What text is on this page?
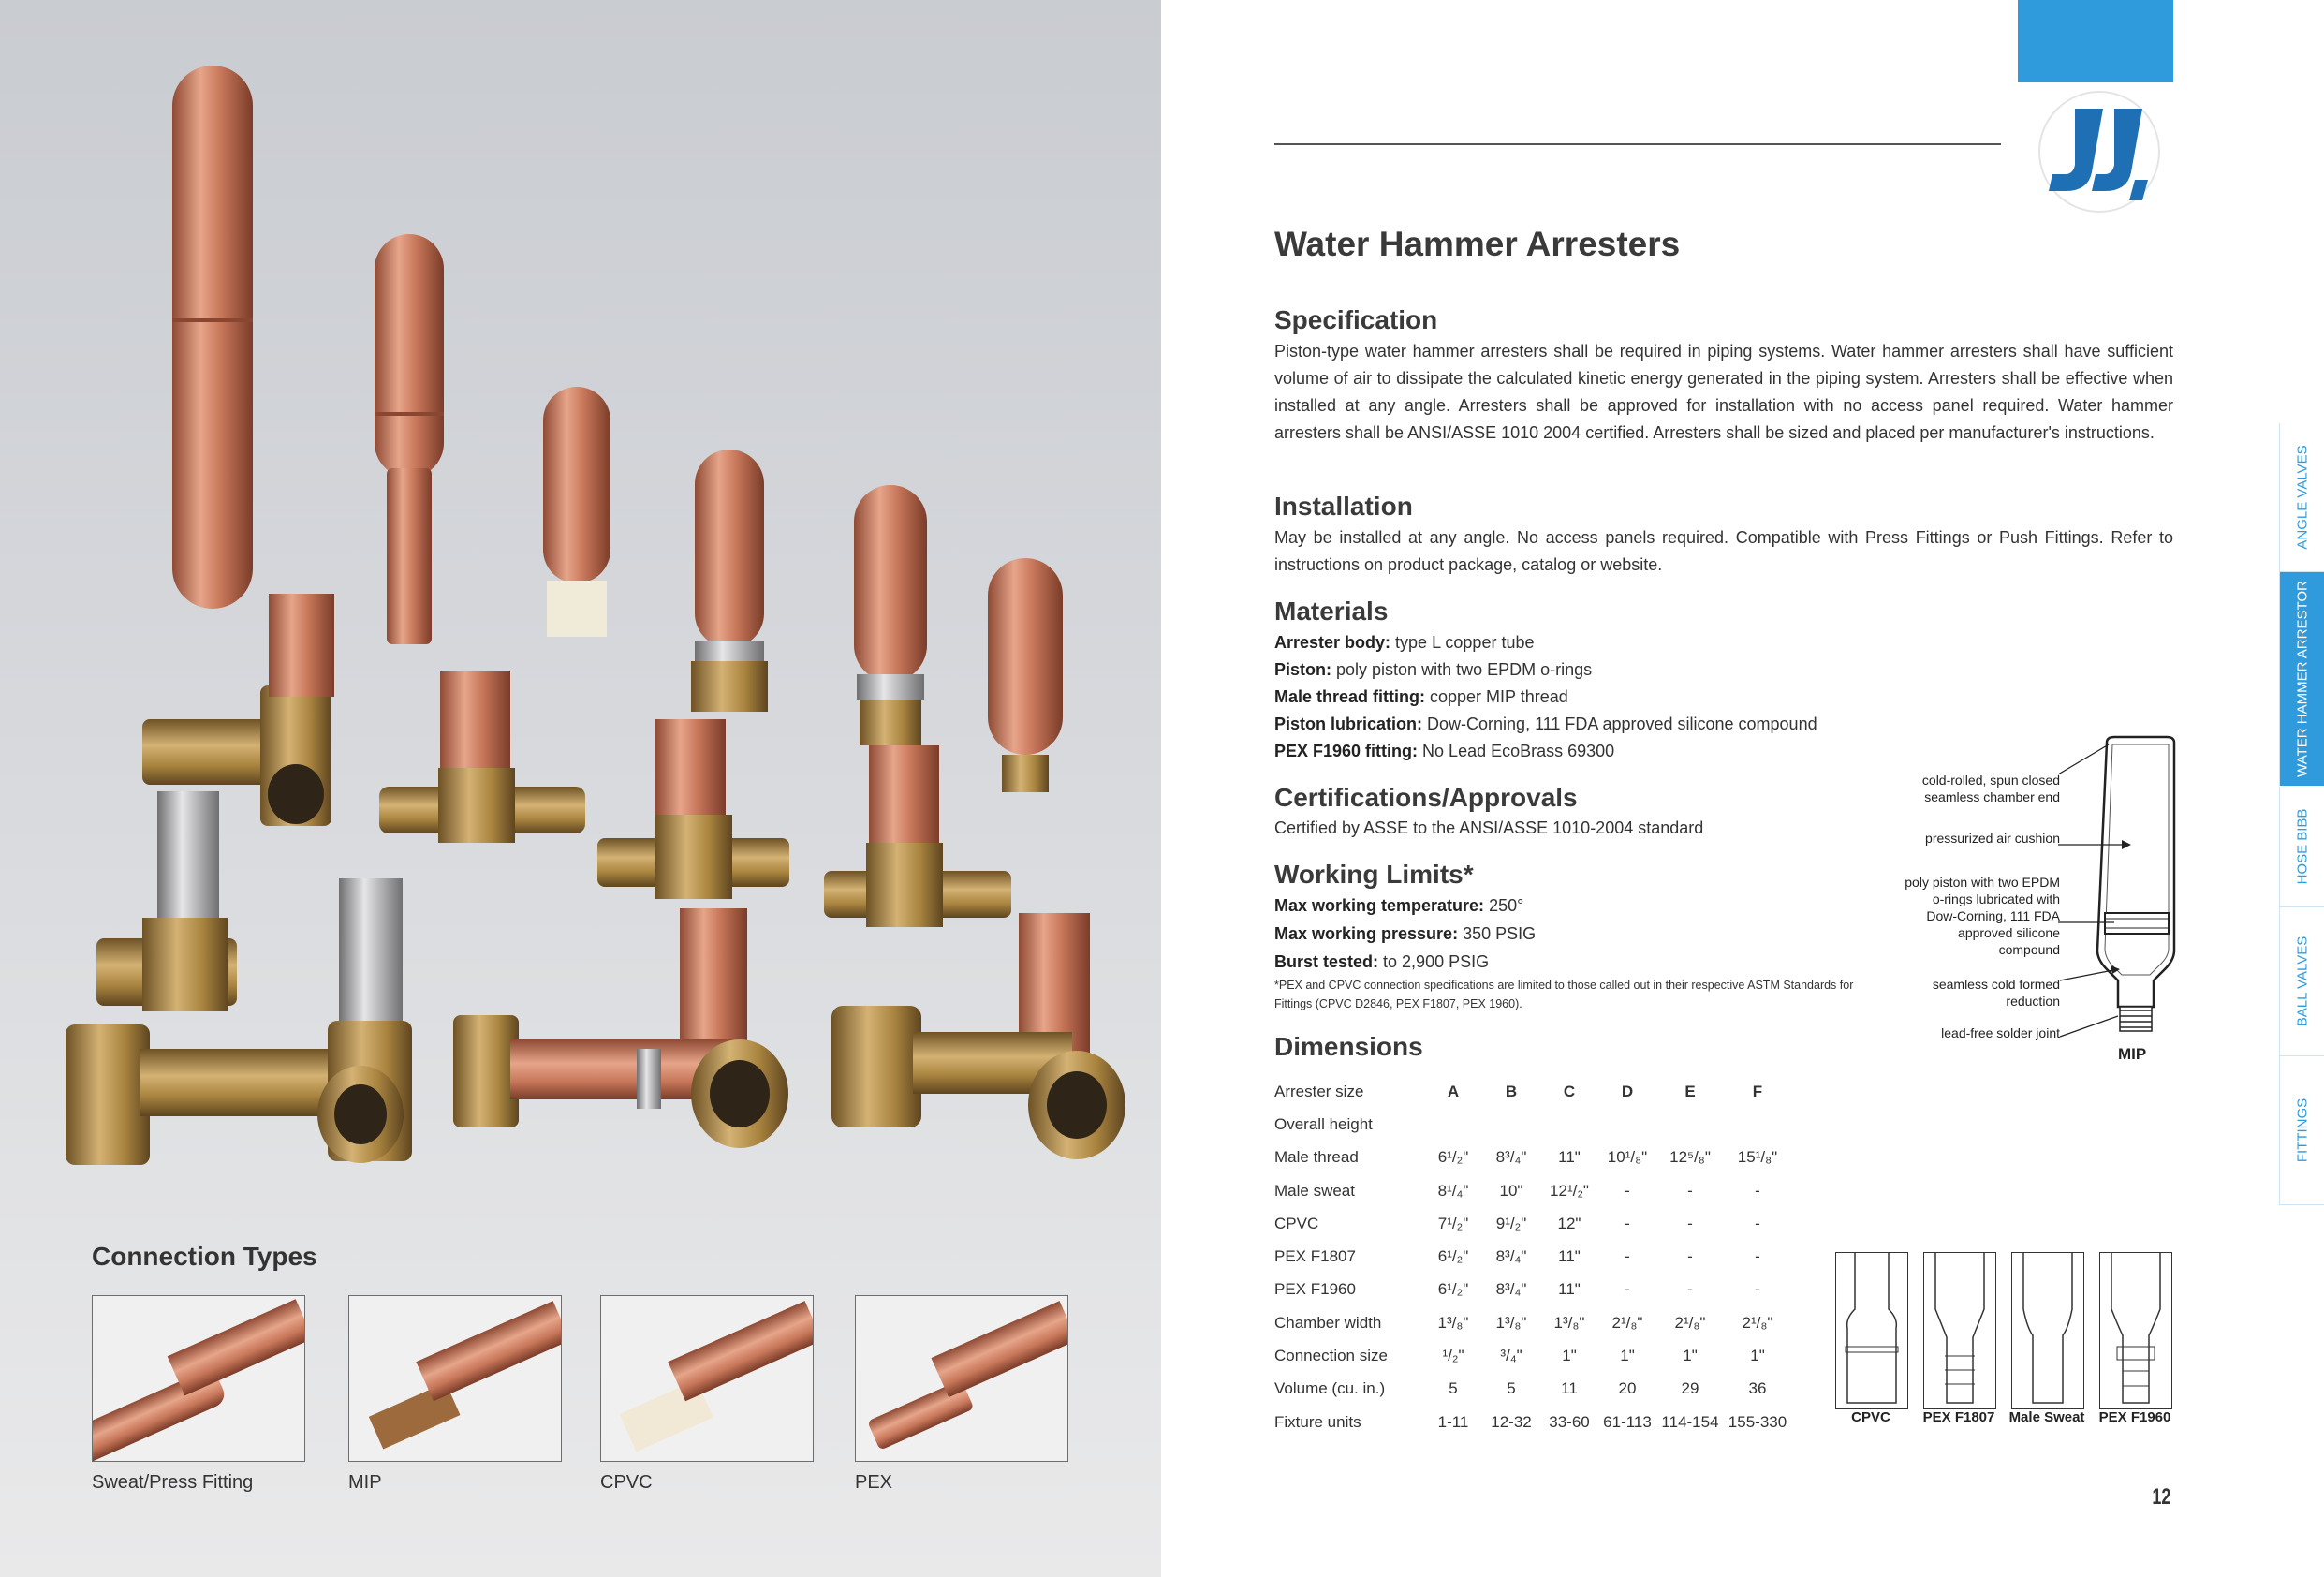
Connection Types
Sweat/Press Fitting	MIP	CPVC	PEX
Water Hammer Arresters
Specification

Piston-type water hammer arresters shall be required in piping systems. Water hammer arresters shall have sufficient volume of air to dissipate the calculated kinetic energy generated in the piping system. Arresters shall be effective when installed at any angle. Arresters shall be approved for installation with no access panel required. Water hammer arresters shall be ANSI/ASSE 1010 2004 certified. Arresters shall be sized and placed per manufacturer's instructions.

Installation

May be installed at any angle. No access panels required. Compatible with Press Fittings or Push Fittings. Refer to instructions on product package, catalog or website.

Materials
Arrester body: type L copper tube
Piston: poly piston with two EPDM o-rings
Male thread fitting: copper MIP thread
Piston lubrication: Dow-Corning, 111 FDA approved silicone compound
PEX F1960 fitting: No Lead EcoBrass 69300
Certifications/Approvals
Certified by ASSE to the ANSI/ASSE 1010-2004 standard
Working Limits*
Max working temperature: 250°
Max working pressure: 350 PSIG
Burst tested: to 2,900 PSIG
*PEX and CPVC connection specifications are limited to those called out in their respective ASTM Standards for Fittings (CPVC D2846, PEX F1807, PEX 1960).
Dimensions
Arrester size	A	B	C	D	E	F
Overall height						
Male thread	6¹/₂"	8³/₄"	11"	10¹/₈"	12⁵/₈"	15¹/₈"
Male sweat	8¹/₄"	10"	12¹/₂"	-	-	-
CPVC	7¹/₂"	9¹/₂"	12"	-	-	-
PEX F1807	6¹/₂"	8³/₄"	11"	-	-	-
PEX F1960	6¹/₂"	8³/₄"	11"	-	-	-
Chamber width	1³/₈"	1³/₈"	1³/₈"	2¹/₈"	2¹/₈"	2¹/₈"
Connection size	¹/₂"	³/₄"	1"	1"	1"	1"
Volume (cu. in.)	5	5	11	20	29	36
Fixture units	1-11	12-32	33-60	61-113	114-154	155-330
cold-rolled, spun closed seamless chamber end
pressurized air cushion
poly piston with two EPDM o-rings lubricated with Dow-Corning, 111 FDA approved silicone compound
seamless cold formed reduction
lead-free solder joint
MIP
CPVC	PEX F1807	Male Sweat	PEX F1960
ANGLE VALVES
WATER HAMMER ARRESTOR
HOSE BIBB
BALL VALVES
FITTINGS
12
